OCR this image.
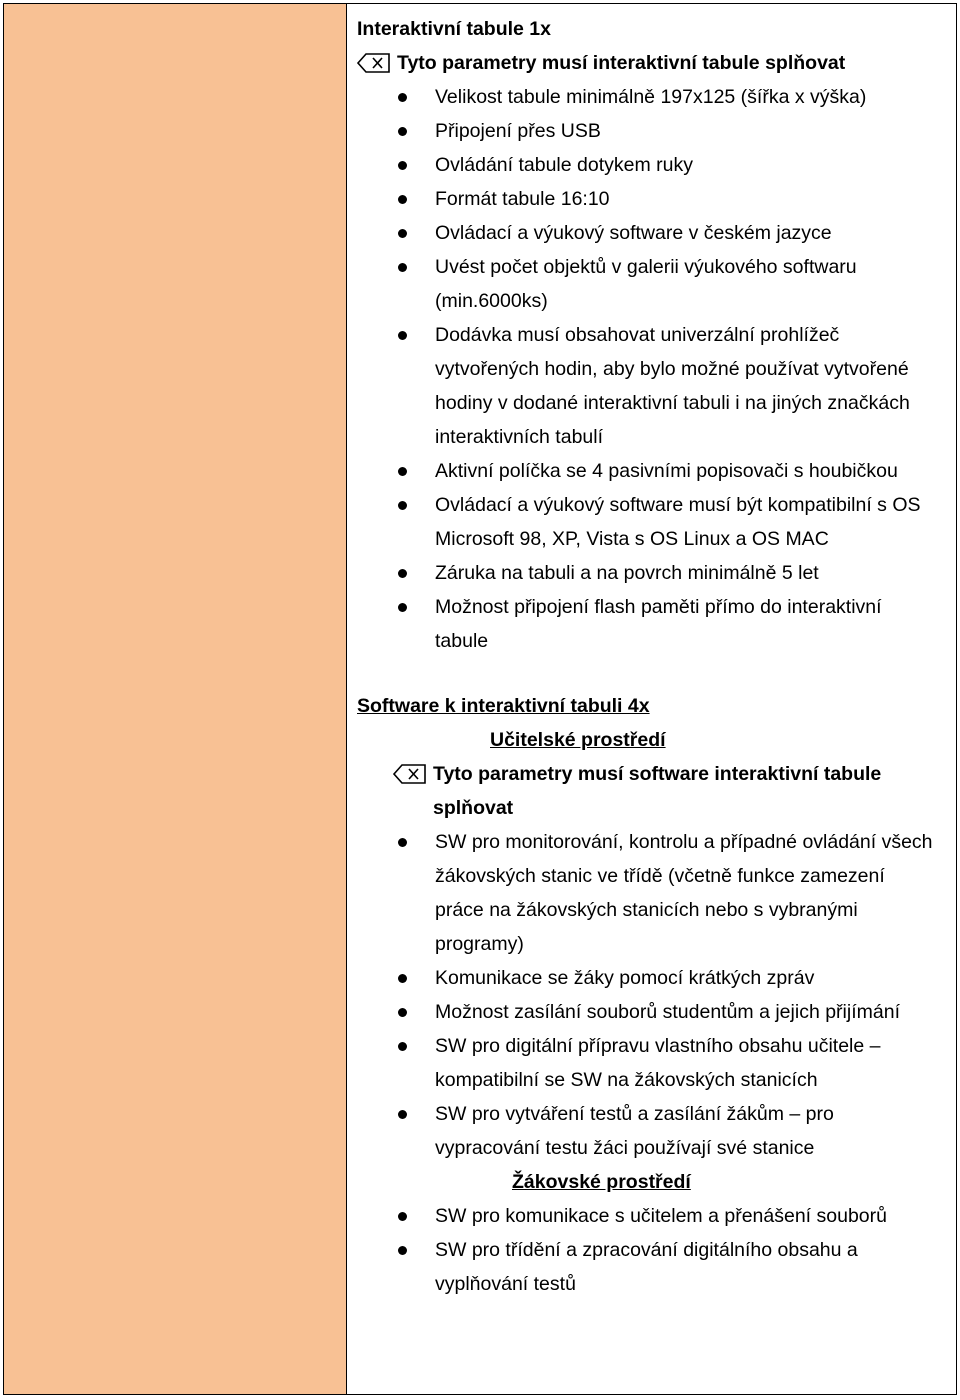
Interaktivní tabule 1x
Tyto parametry musí interaktivní tabule splňovat
Velikost tabule minimálně 197x125 (šířka x výška)
Připojení přes USB
Ovládání tabule dotykem ruky
Formát tabule 16:10
Ovládací a výukový software v českém jazyce
Uvést počet objektů v galerii výukového softwaru (min.6000ks)
Dodávka musí obsahovat univerzální prohlížeč vytvořených hodin, aby bylo možné používat vytvořené hodiny v dodané interaktivní tabuli i na jiných značkách interaktivních tabulí
Aktivní políčka se 4 pasivními popisovači s houbičkou
Ovládací a výukový software musí být kompatibilní s OS Microsoft 98, XP, Vista s OS Linux a OS MAC
Záruka na tabuli a na povrch minimálně 5 let
Možnost připojení flash paměti přímo do interaktivní tabule
Software k interaktivní tabuli 4x
Učitelské prostředí
Tyto parametry musí software interaktivní tabule splňovat
SW pro monitorování, kontrolu a případné ovládání všech žákovských stanic ve třídě (včetně funkce zamezení práce na žákovských stanicích nebo s vybranými programy)
Komunikace se žáky pomocí krátkých zpráv
Možnost zasílání souborů studentům a jejich přijímání
SW pro digitální přípravu vlastního obsahu učitele – kompatibilní se SW na žákovských stanicích
SW pro vytváření testů a zasílání žákům – pro vypracování testu žáci používají své stanice
Žákovské prostředí
SW pro komunikace s učitelem a přenášení souborů
SW pro třídění a zpracování digitálního obsahu a vyplňování testů
